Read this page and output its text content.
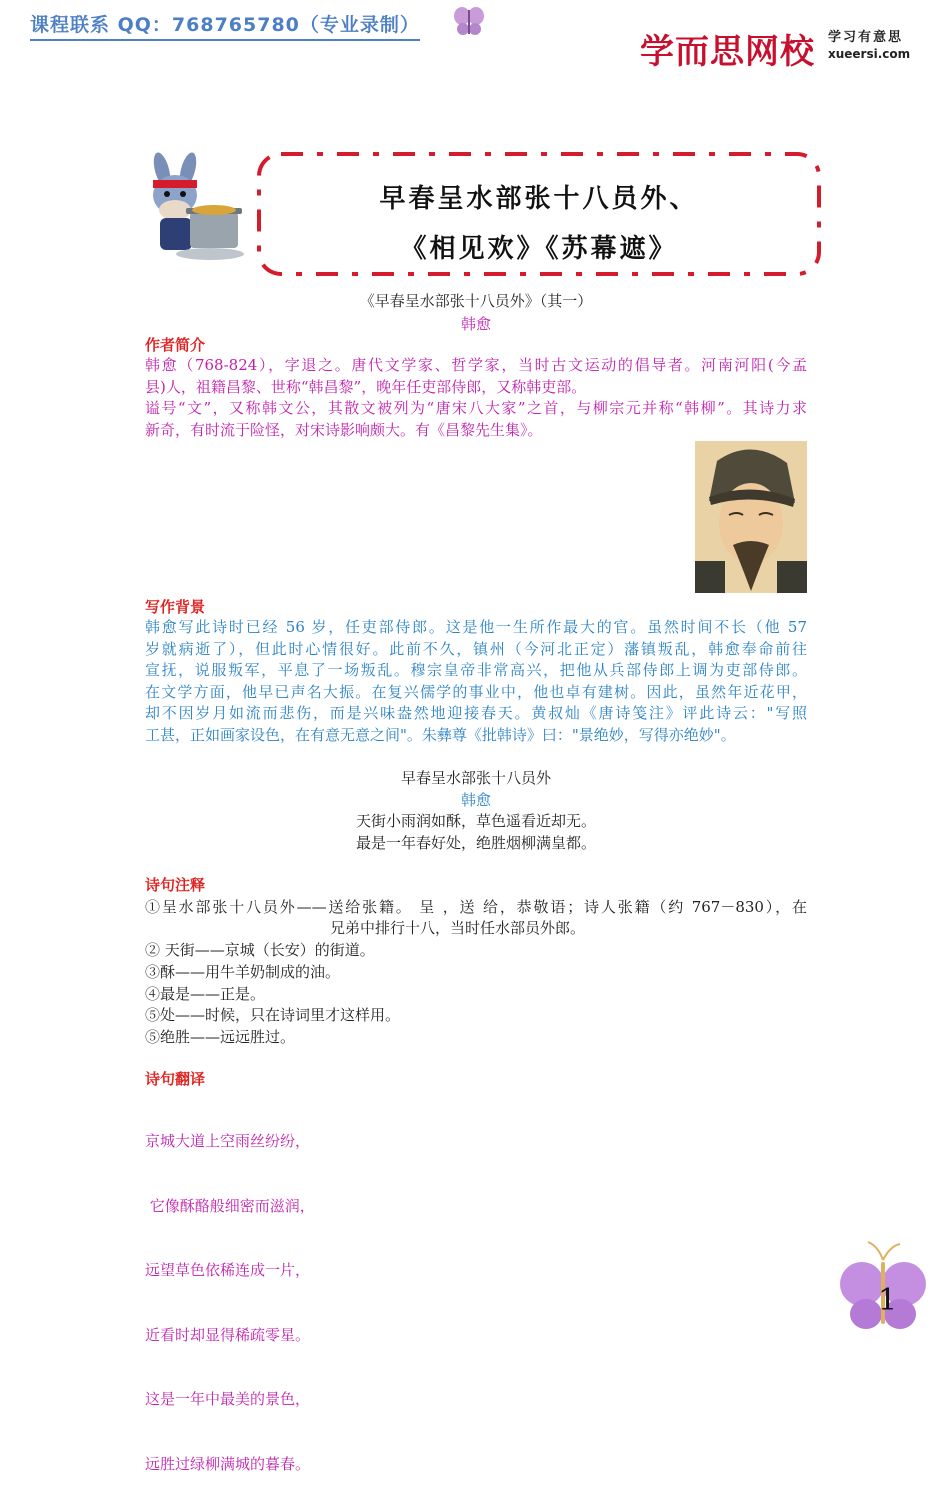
课程联系 QQ：768765780（专业录制）
学而思网校 学习有意思
xueersi.com
早春呈水部张十八员外、
《相见欢》《苏幕遮》
《早春呈水部张十八员外》（其一）
韩愈
作者简介
韩愈（768-824），字退之。唐代文学家、哲学家，当时古文运动的倡导者。河南河阳(今孟
县)人，祖籍昌黎、世称“韩昌黎”，晚年任吏部侍郎，又称韩吏部。
谥号“文”，又称韩文公，其散文被列为“唐宋八大家”之首，与柳宗元并称“韩柳”。其诗力求
新奇，有时流于险怪，对宋诗影响颇大。有《昌黎先生集》。
写作背景
韩愈写此诗时已经 56 岁，任吏部侍郎。这是他一生所作最大的官。虽然时间不长（他 57
岁就病逝了），但此时心情很好。此前不久，镇州（今河北正定）藩镇叛乱，韩愈奉命前往
宣抚，说服叛军，平息了一场叛乱。穆宗皇帝非常高兴，把他从兵部侍郎上调为吏部侍郎。
在文学方面，他早已声名大振。在复兴儒学的事业中，他也卓有建树。因此，虽然年近花甲，
却不因岁月如流而悲伤，而是兴味盎然地迎接春天。黄叔灿《唐诗笺注》评此诗云："写照
工甚，正如画家设色，在有意无意之间"。朱彝尊《批韩诗》曰："景绝妙，写得亦绝妙"。
早春呈水部张十八员外
韩愈
天街小雨润如酥，草色遥看近却无。
最是一年春好处，绝胜烟柳满皇都。
诗句注释
①呈水部张十八员外——送给张籍。 呈 ，送 给，恭敬语；诗人张籍（约 767－830），在
兄弟中排行十八，当时任水部员外郎。
② 天街——京城（长安）的街道。
③酥——用牛羊奶制成的油。
④最是——正是。
⑤处——时候，只在诗词里才这样用。
⑤绝胜——远远胜过。
诗句翻译

京城大道上空雨丝纷纷，

它像酥酪般细密而滋润，

远望草色依稀连成一片，

近看时却显得稀疏零星。

这是一年中最美的景色，

远胜过绿柳满城的暮春。

1
